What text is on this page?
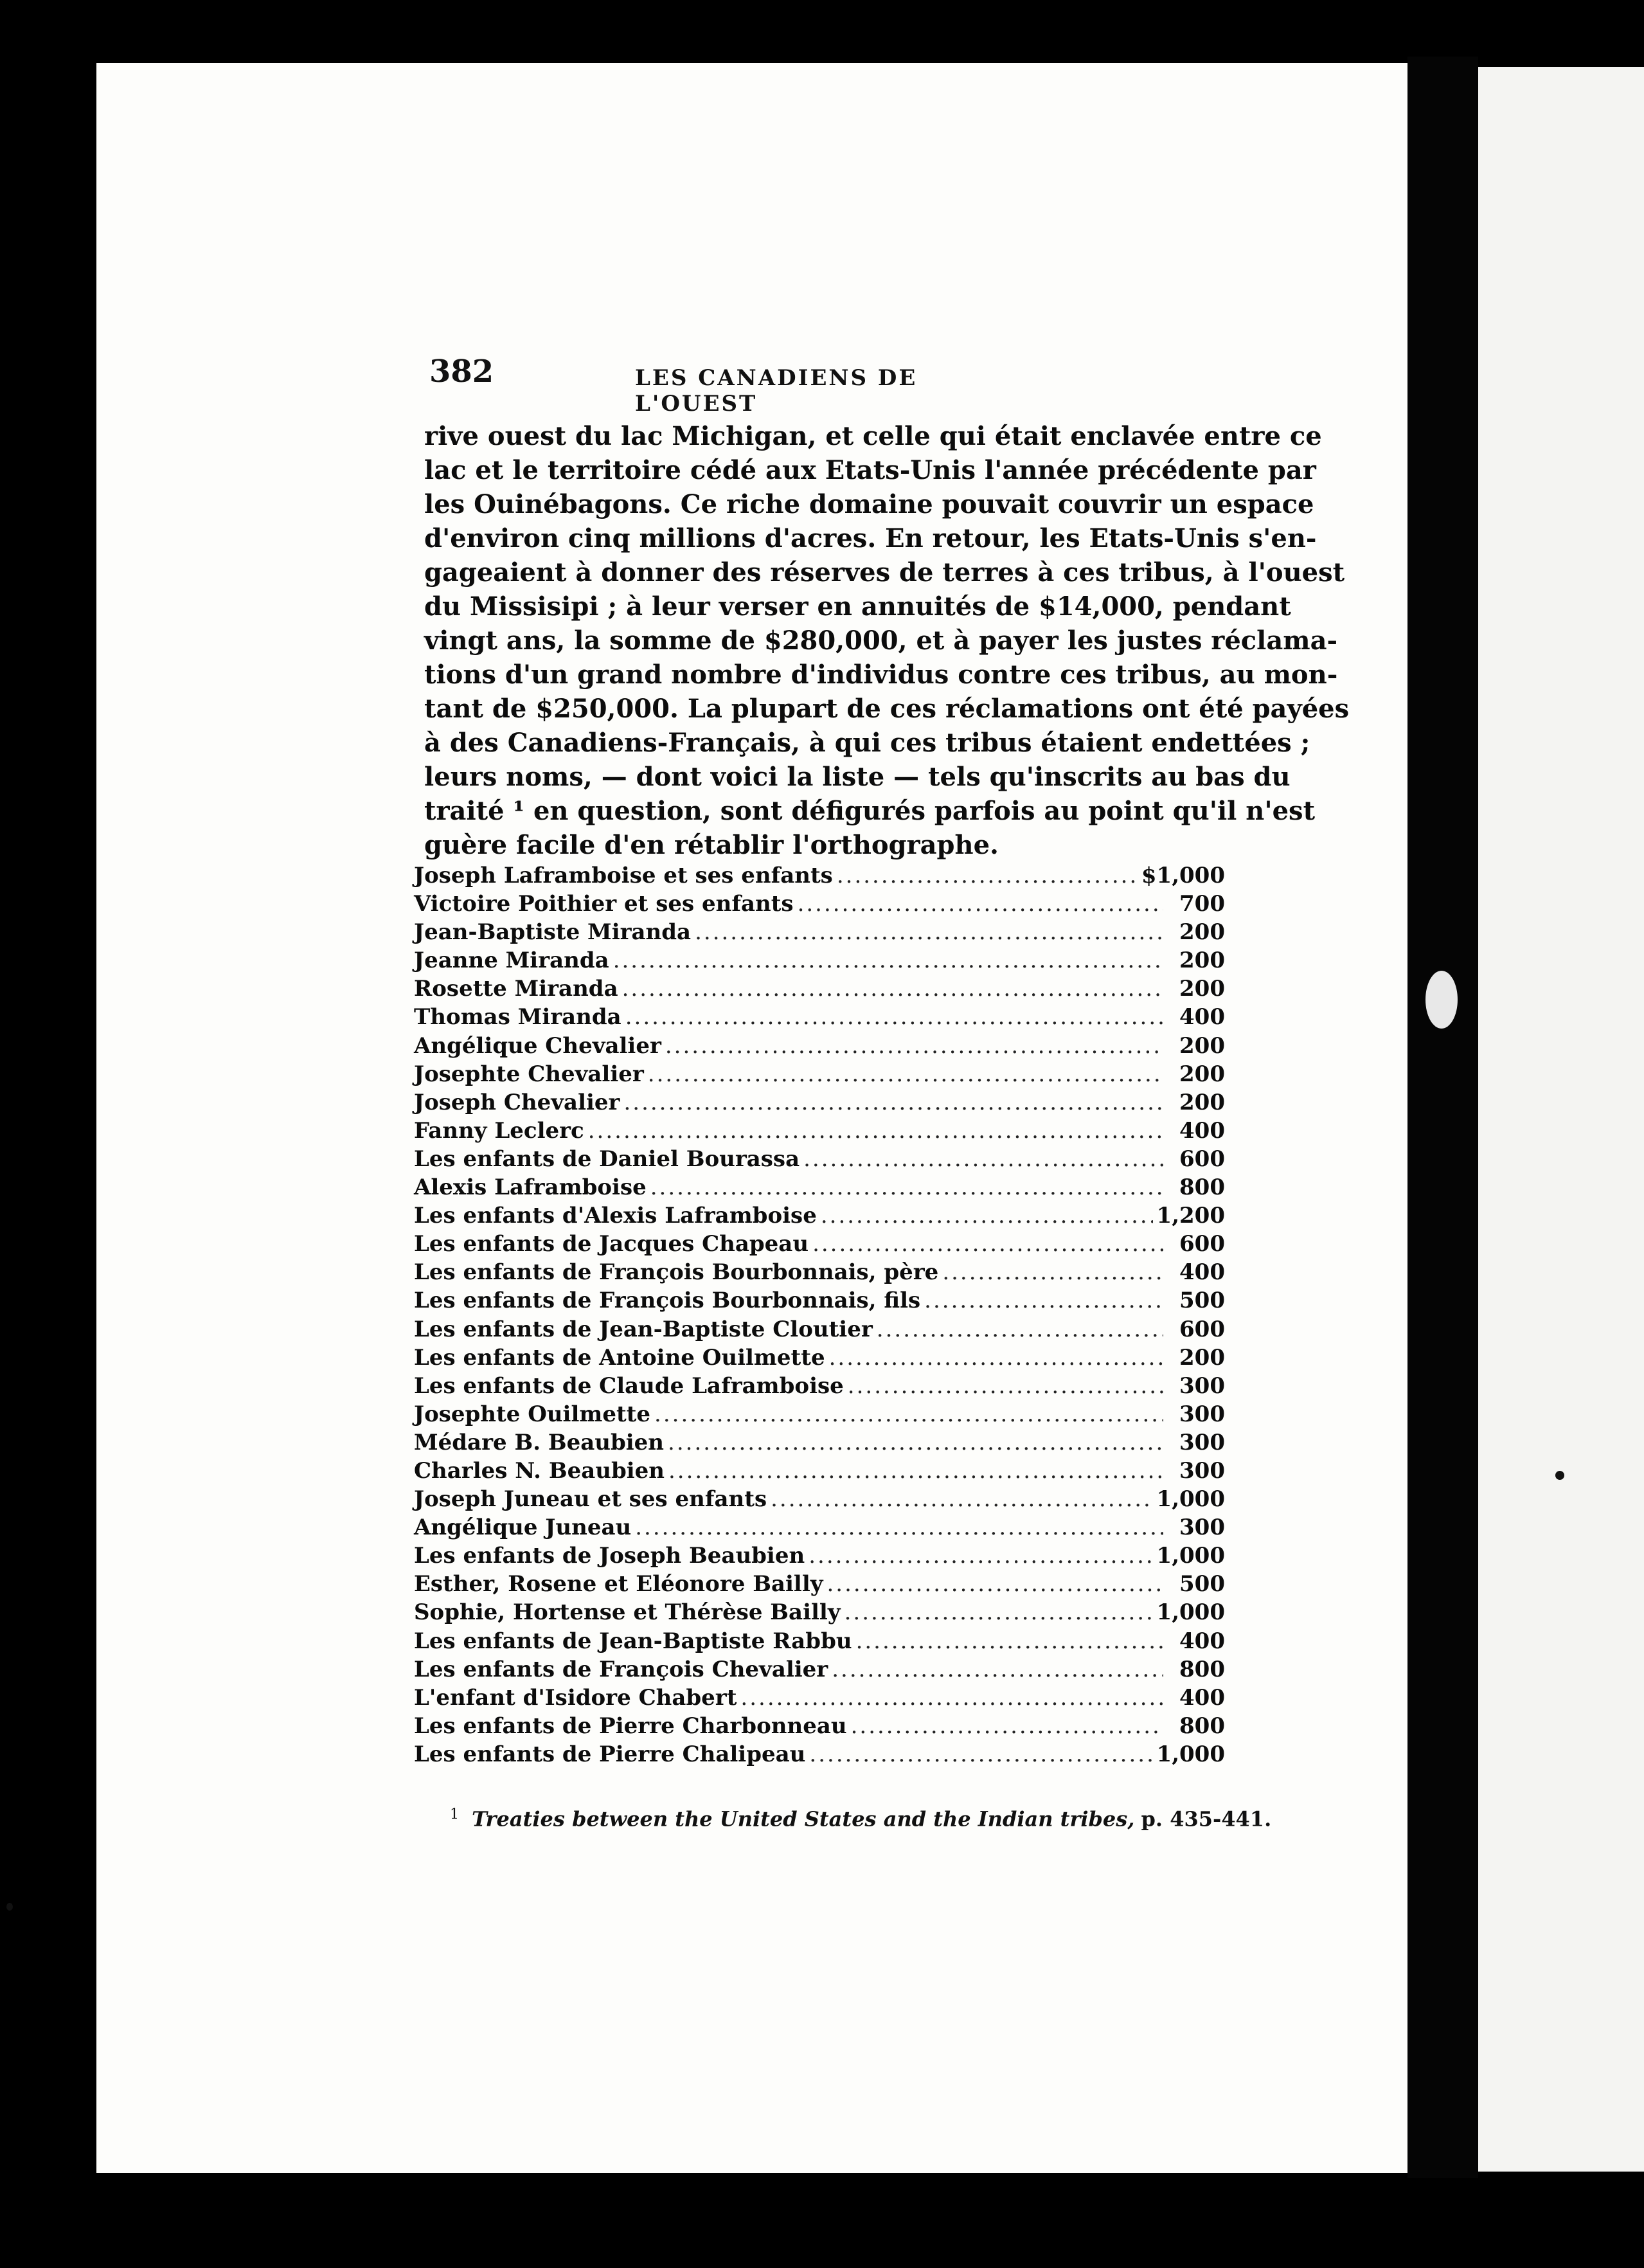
382	LES CANADIENS DE L'OUEST
rive ouest du lac Michigan, et celle qui était enclavée entre ce
lac et le territoire cédé aux Etats-Unis l'année précédente par
les Ouinébagons. Ce riche domaine pouvait couvrir un espace
d'environ cinq millions d'acres. En retour, les Etats-Unis s'en-
gageaient à donner des réserves de terres à ces tribus, à l'ouest
du Missisipi ; à leur verser en annuités de $14,000, pendant
vingt ans, la somme de $280,000, et à payer les justes réclama-
tions d'un grand nombre d'individus contre ces tribus, au mon-
tant de $250,000. La plupart de ces réclamations ont été payées
à des Canadiens-Français, à qui ces tribus étaient endettées ;
leurs noms, — dont voici la liste — tels qu'inscrits au bas du
traité ¹ en question, sont défigurés parfois au point qu'il n'est
guère facile d'en rétablir l'orthographe.
Joseph Laframboise et ses enfants .....	$1,000
Victoire Poithier et ses enfants .....	700
Jean-Baptiste Miranda .....	200
Jeanne Miranda .....	200
Rosette Miranda .....	200
Thomas Miranda .....	400
Angélique Chevalier .....	200
Josephte Chevalier .....	200
Joseph Chevalier .....	200
Fanny Leclerc .....	400
Les enfants de Daniel Bourassa .....	600
Alexis Laframboise .....	800
Les enfants d'Alexis Laframboise .....	1,200
Les enfants de Jacques Chapeau .....	600
Les enfants de François Bourbonnais, père .....	400
Les enfants de François Bourbonnais, fils .....	500
Les enfants de Jean-Baptiste Cloutier .....	600
Les enfants de Antoine Ouilmette .....	200
Les enfants de Claude Laframboise .....	300
Josephte Ouilmette .....	300
Médare B. Beaubien .....	300
Charles N. Beaubien .....	300
Joseph Juneau et ses enfants .....	1,000
Angélique Juneau .....	300
Les enfants de Joseph Beaubien .....	1,000
Esther, Rosene et Eléonore Bailly .....	500
Sophie, Hortense et Thérèse Bailly .....	1,000
Les enfants de Jean-Baptiste Rabbu .....	400
Les enfants de François Chevalier .....	800
L'enfant d'Isidore Chabert .....	400
Les enfants de Pierre Charbonneau .....	800
Les enfants de Pierre Chalipeau .....	1,000
$^1$ Treaties between the United States and the Indian tribes, p. 435-441.
